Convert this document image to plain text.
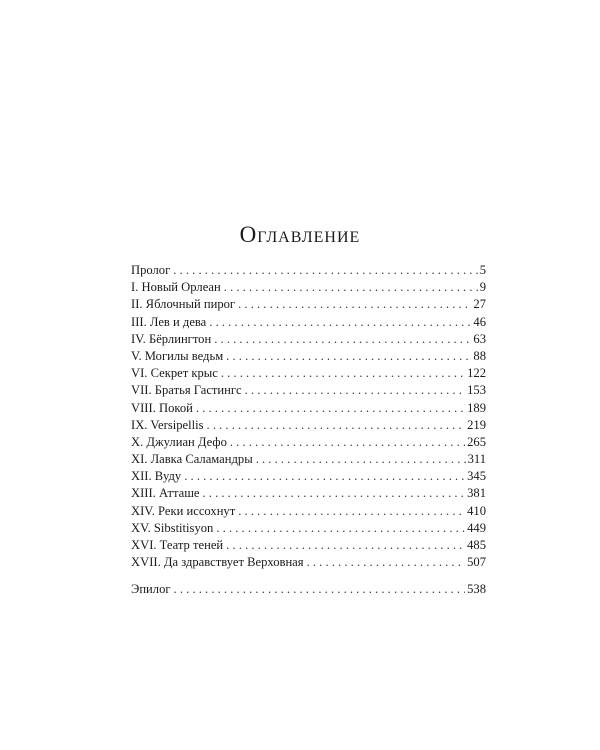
Оглавление
Пролог . . .	5
I. Новый Орлеан . . .	9
II. Яблочный пирог . . .	27
III. Лев и дева . . .	46
IV. Бёрлингтон . . .	63
V. Могилы ведьм . . .	88
VI. Секрет крыс . . .	122
VII. Братья Гастингс . . .	153
VIII. Покой . . .	189
IX. Versipellis . . .	219
X. Джулиан Дефо . . .	265
XI. Лавка Саламандры . . .	311
XII. Вуду . . .	345
XIII. Атташе . . .	381
XIV. Реки иссохнут . . .	410
XV. Sibstitisyon . . .	449
XVI. Театр теней . . .	485
XVII. Да здравствует Верховная . . .	507
Эпилог . . .	538
